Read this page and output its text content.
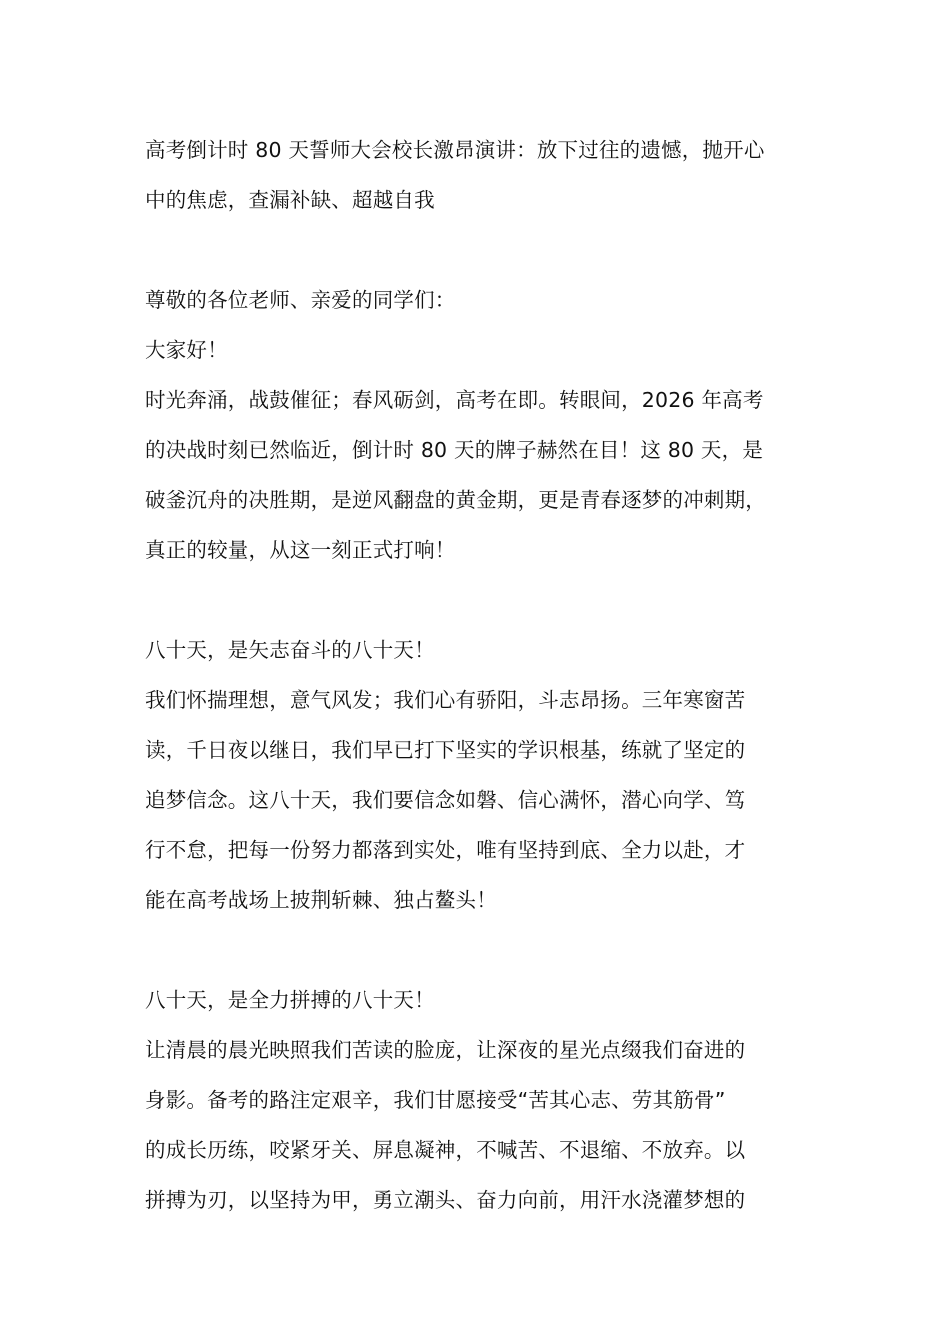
高考倒计时 80 天誓师大会校长激昂演讲：放下过往的遗憾，抛开心
中的焦虑，查漏补缺、超越自我
尊敬的各位老师、亲爱的同学们：
大家好！
时光奔涌，战鼓催征；春风砺剑，高考在即。转眼间，2026 年高考
的决战时刻已然临近，倒计时 80 天的牌子赫然在目！这 80 天，是
破釜沉舟的决胜期，是逆风翻盘的黄金期，更是青春逐梦的冲刺期，
真正的较量，从这一刻正式打响！
八十天，是矢志奋斗的八十天！
我们怀揣理想，意气风发；我们心有骄阳，斗志昂扬。三年寒窗苦
读，千日夜以继日，我们早已打下坚实的学识根基，练就了坚定的
追梦信念。这八十天，我们要信念如磐、信心满怀，潜心向学、笃
行不怠，把每一份努力都落到实处，唯有坚持到底、全力以赴，才
能在高考战场上披荆斩棘、独占鳌头！
八十天，是全力拼搏的八十天！
让清晨的晨光映照我们苦读的脸庞，让深夜的星光点缀我们奋进的
身影。备考的路注定艰辛，我们甘愿接受“苦其心志、劳其筋骨”
的成长历练，咬紧牙关、屏息凝神，不喊苦、不退缩、不放弃。以
拼搏为刃，以坚持为甲，勇立潮头、奋力向前，用汗水浇灌梦想的
